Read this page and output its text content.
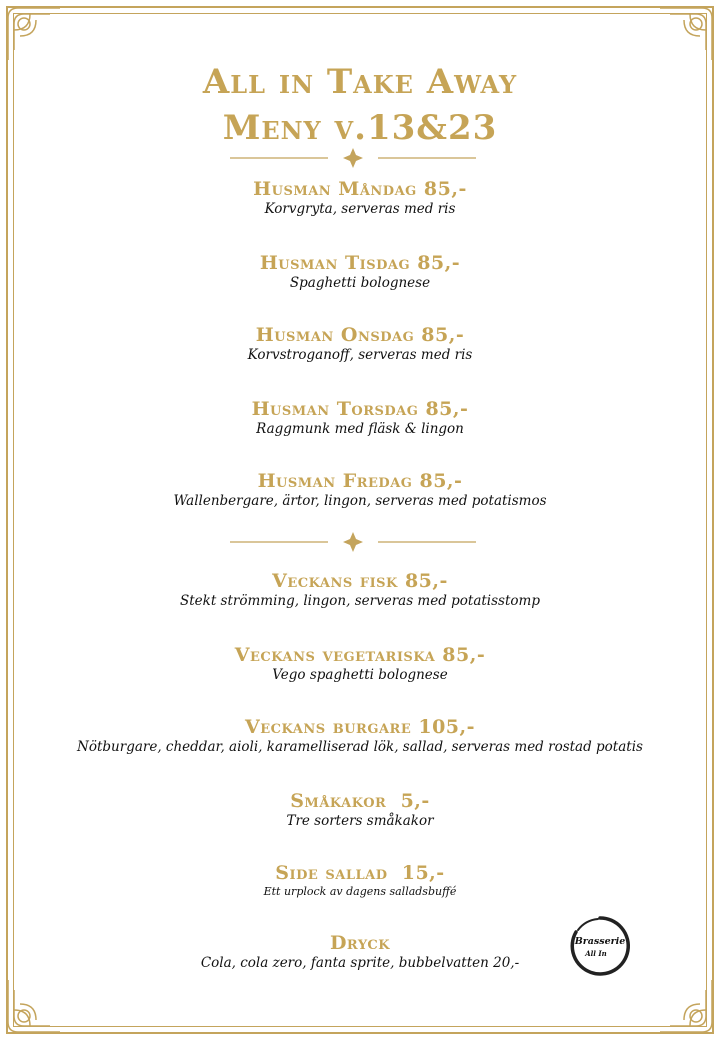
All in Take Away
Meny v.13&23
Husman Måndag 85,-
Korvgryta, serveras med ris
Husman Tisdag 85,-
Spaghetti bolognese
Husman Onsdag 85,-
Korvstroganoff, serveras med ris
Husman Torsdag 85,-
Raggmunk med fläsk & lingon
Husman Fredag 85,-
Wallenbergare, ärtor, lingon, serveras med potatismos
Veckans fisk 85,-
Stekt strömming, lingon, serveras med potatisstomp
Veckans vegetariska 85,-
Vego spaghetti bolognese
Veckans burgare 105,-
Nötburgare, cheddar, aioli, karamelliserad lök, sallad, serveras med rostad potatis
Småkakor  5,-
Tre sorters småkakor
Side sallad  15,-
Ett urplock av dagens salladsbuffé
Dryck
Cola, cola zero, fanta sprite, bubbelvatten 20,-
Brasserie
All In
